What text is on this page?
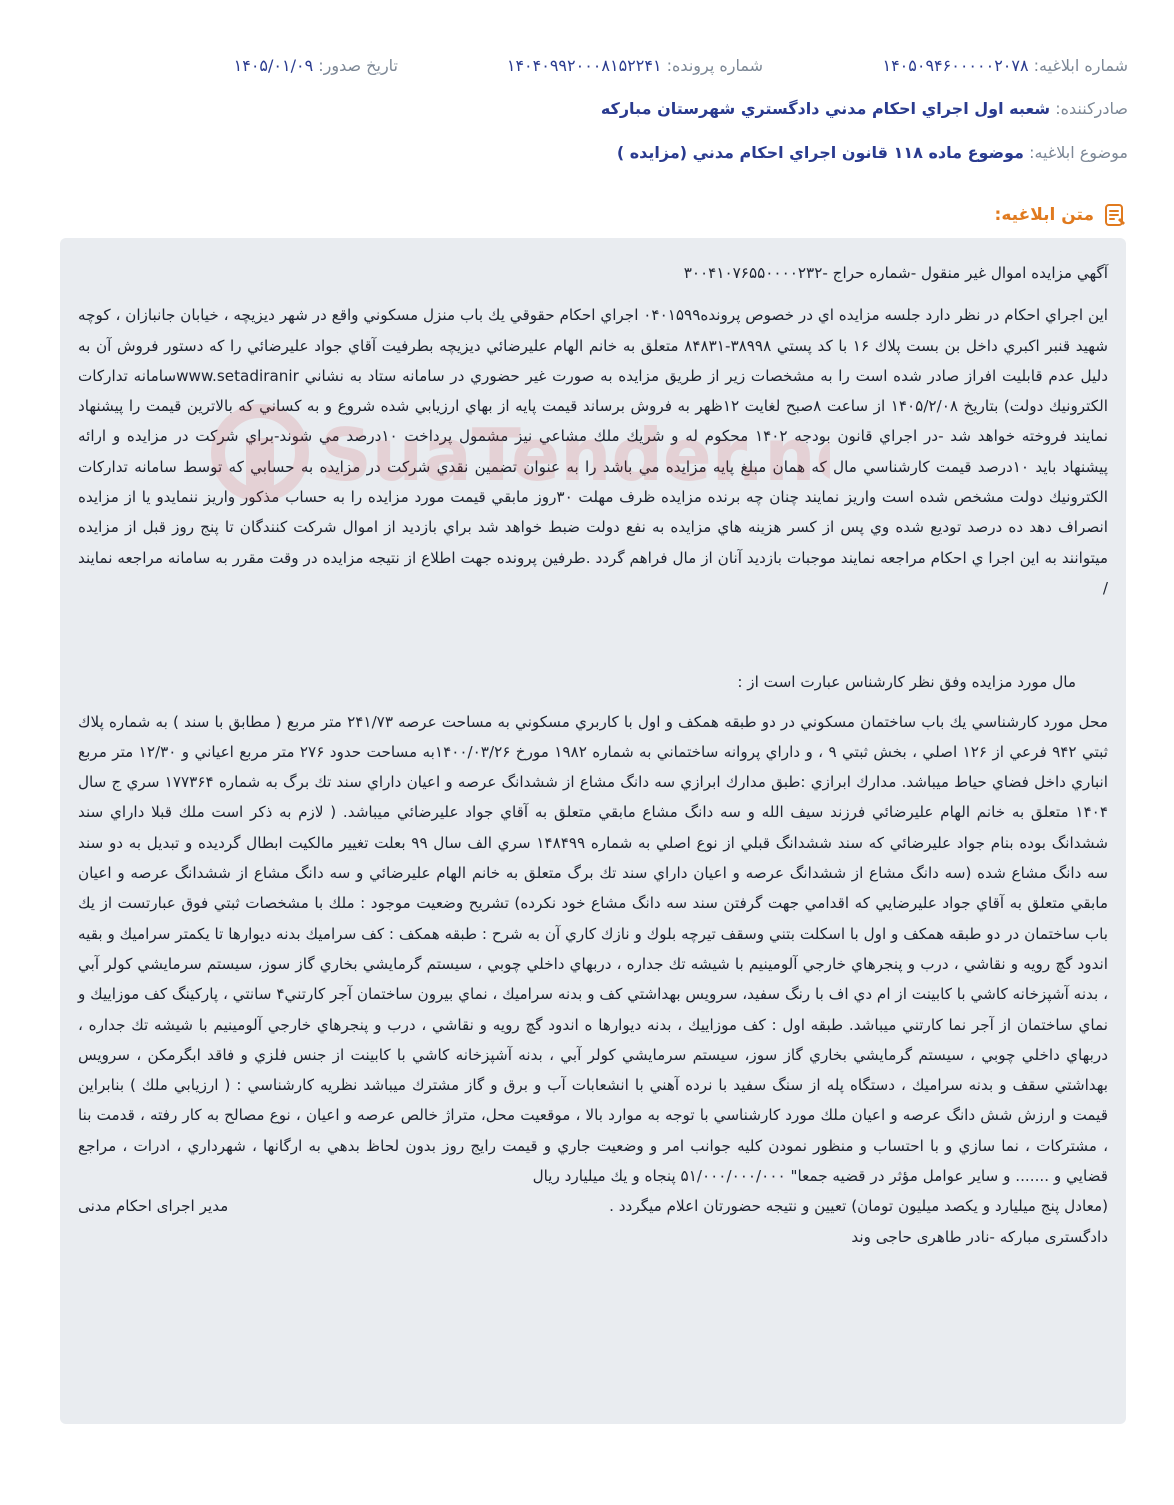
شماره ابلاغيه: ۱۴۰۵۰۹۴۶۰۰۰۰۰۲۰۷۸
شماره پرونده: ۱۴۰۴۰۹۹۲۰۰۰۸۱۵۲۲۴۱
تاریخ صدور: ۱۴۰۵/۰۱/۰۹
صادرکننده: شعبه اول اجراي احكام مدني دادگستري شهرستان مباركه
موضوع ابلاغیه: موضوع ماده ۱۱۸ قانون اجراي احكام مدني (مزايده )
متن ابلاغیه:

آگهي مزايده اموال غير منقول -شماره حراج -۳۰۰۴۱۰۷۶۵۵۰۰۰۰۲۳۲

اين اجراي احكام در نظر دارد جلسه مزايده اي در خصوص پرونده۰۴۰۱۵۹۹ اجراي احكام حقوقي يك باب منزل مسكوني واقع در شهر ديزيچه ، خيابان جانبازان ، كوچه شهيد قنبر اكبري داخل بن بست پلاك ۱۶ با كد پستي ۳۸۹۹۸-۸۴۸۳۱ متعلق به خانم الهام عليرضائي ديزيچه بطرفيت آقاي جواد عليرضائي را كه دستور فروش آن به دليل عدم قابليت افراز صادر شده است را به مشخصات زير از طريق مزايده به صورت غير حضوري در سامانه ستاد به نشاني www.setadiranirسامانه تداركات الكترونيك دولت) بتاريخ ۱۴۰۵/۲/۰۸ از ساعت ۸صبح لغايت ۱۲ظهر به فروش برساند قيمت پايه از بهاي ارزيابي شده شروع و به كساني كه بالاترين قيمت را پيشنهاد نمايند فروخته خواهد شد -در اجراي قانون بودجه ۱۴۰۲ محكوم له و شريك ملك مشاعي نيز مشمول پرداخت ۱۰درصد مي شوند-براي شركت در مزايده و ارائه پيشنهاد بايد ۱۰درصد قيمت كارشناسي مال كه همان مبلغ پايه مزايده مي باشد را به عنوان تضمين نقدي شركت در مزايده به حسابي كه توسط سامانه تداركات الكترونيك دولت مشخص شده است واريز نمايند چنان چه برنده مزايده ظرف مهلت ۳۰روز مابقي قيمت مورد مزايده را به حساب مذكور واريز ننمايدو يا از مزايده انصراف دهد ده درصد توديع شده وي پس از كسر هزينه هاي مزايده به نفع دولت ضبط خواهد شد براي بازديد از اموال شركت كنندگان تا پنج روز قبل از مزايده ميتوانند به اين اجرا ي احكام مراجعه نمايند موجبات بازديد آنان از مال فراهم گردد .طرفين پرونده جهت اطلاع از نتيجه مزايده در وقت مقرر به سامانه مراجعه نمايند /

مال مورد مزايده وفق نظر كارشناس عبارت است از :

محل مورد كارشناسي يك باب ساختمان مسكوني در دو طبقه همكف و اول با كاربري مسكوني به مساحت عرصه ۲۴۱/۷۳ متر مربع ( مطابق با سند ) به شماره پلاك ثبتي ۹۴۲ فرعي از ۱۲۶ اصلي ، بخش ثبتي ۹ ، و داراي پروانه ساختماني به شماره ۱۹۸۲ مورخ ۱۴۰۰/۰۳/۲۶به مساحت حدود ۲۷۶ متر مربع اعياني و ۱۲/۳۰ متر مربع انباري داخل فضاي حياط ميباشد. مدارك ابرازي :طبق مدارك ابرازي سه دانگ مشاع از ششدانگ عرصه و اعيان داراي سند تك برگ به شماره ۱۷۷۳۶۴ سري ج سال ۱۴۰۴ متعلق به خانم الهام عليرضائي فرزند سيف الله و سه دانگ مشاع مابقي متعلق به آقاي جواد عليرضائي ميباشد. ( لازم به ذكر است ملك قبلا داراي سند ششدانگ بوده بنام جواد عليرضائي كه سند ششدانگ قبلي از نوع اصلي به شماره ۱۴۸۴۹۹ سري الف سال ۹۹ بعلت تغيير مالكيت ابطال گرديده و تبديل به دو سند سه دانگ مشاع شده (سه دانگ مشاع از ششدانگ عرصه و اعيان داراي سند تك برگ متعلق به خانم الهام عليرضائي و سه دانگ مشاع از ششدانگ عرصه و اعيان مابقي متعلق به آقاي جواد عليرضايي كه اقدامي جهت گرفتن سند سه دانگ مشاع خود نكرده) تشريح وضعيت موجود : ملك با مشخصات ثبتي فوق عبارتست از يك باب ساختمان در دو طبقه همكف و اول با اسكلت بتني وسقف تيرچه بلوك و نازك كاري آن به شرح : طبقه همكف : كف سراميك بدنه ديوارها تا يكمتر سراميك و بقيه اندود گچ رويه و نقاشي ، درب و پنجرهاي خارجي آلومينيم با شيشه تك جداره ، دربهاي داخلي چوبي ، سيستم گرمايشي بخاري گاز سوز، سيستم سرمايشي كولر آبي ، بدنه آشپزخانه كاشي با كابينت از ام دي اف با رنگ سفيد، سرويس بهداشتي كف و بدنه سراميك ، نماي بيرون ساختمان آجر كارتني۴ سانتي ، پاركينگ كف موزاييك و نماي ساختمان از آجر نما كارتني ميباشد. طبقه اول : كف موزاييك ، بدنه ديوارها ه اندود گچ رويه و نقاشي ، درب و پنجرهاي خارجي آلومينيم با شيشه تك جداره ، دربهاي داخلي چوبي ، سيستم گرمايشي بخاري گاز سوز، سيستم سرمايشي كولر آبي ، بدنه آشپزخانه كاشي با كابينت از جنس فلزي و فاقد ابگرمكن ، سرويس بهداشتي سقف و بدنه سراميك ، دستگاه پله از سنگ سفيد با نرده آهني با انشعابات آب و برق و گاز مشترك ميباشد نظريه كارشناسي : ( ارزيابي ملك ) بنابراين قيمت و ارزش شش دانگ عرصه و اعيان ملك مورد كارشناسي با توجه به موارد بالا ، موقعيت محل، متراژ خالص عرصه و اعيان ، نوع مصالح به كار رفته ، قدمت بنا ، مشتركات ، نما سازي و با احتساب و منظور نمودن كليه جوانب امر و وضعيت جاري و قيمت رايج روز بدون لحاظ بدهي به ارگانها ، شهرداري ، ادرات ، مراجع قضايي و ....... و ساير عوامل مؤثر در قضيه جمعا" ۵۱/۰۰۰/۰۰۰/۰۰۰ پنجاه و يك ميليارد ريال

(معادل پنج ميليارد و يكصد ميليون تومان) تعيين و نتيجه حضورتان اعلام ميگردد .
مدير اجرای احکام مدنی

دادگستری مبارکه -نادر طاهری حاجی وند
